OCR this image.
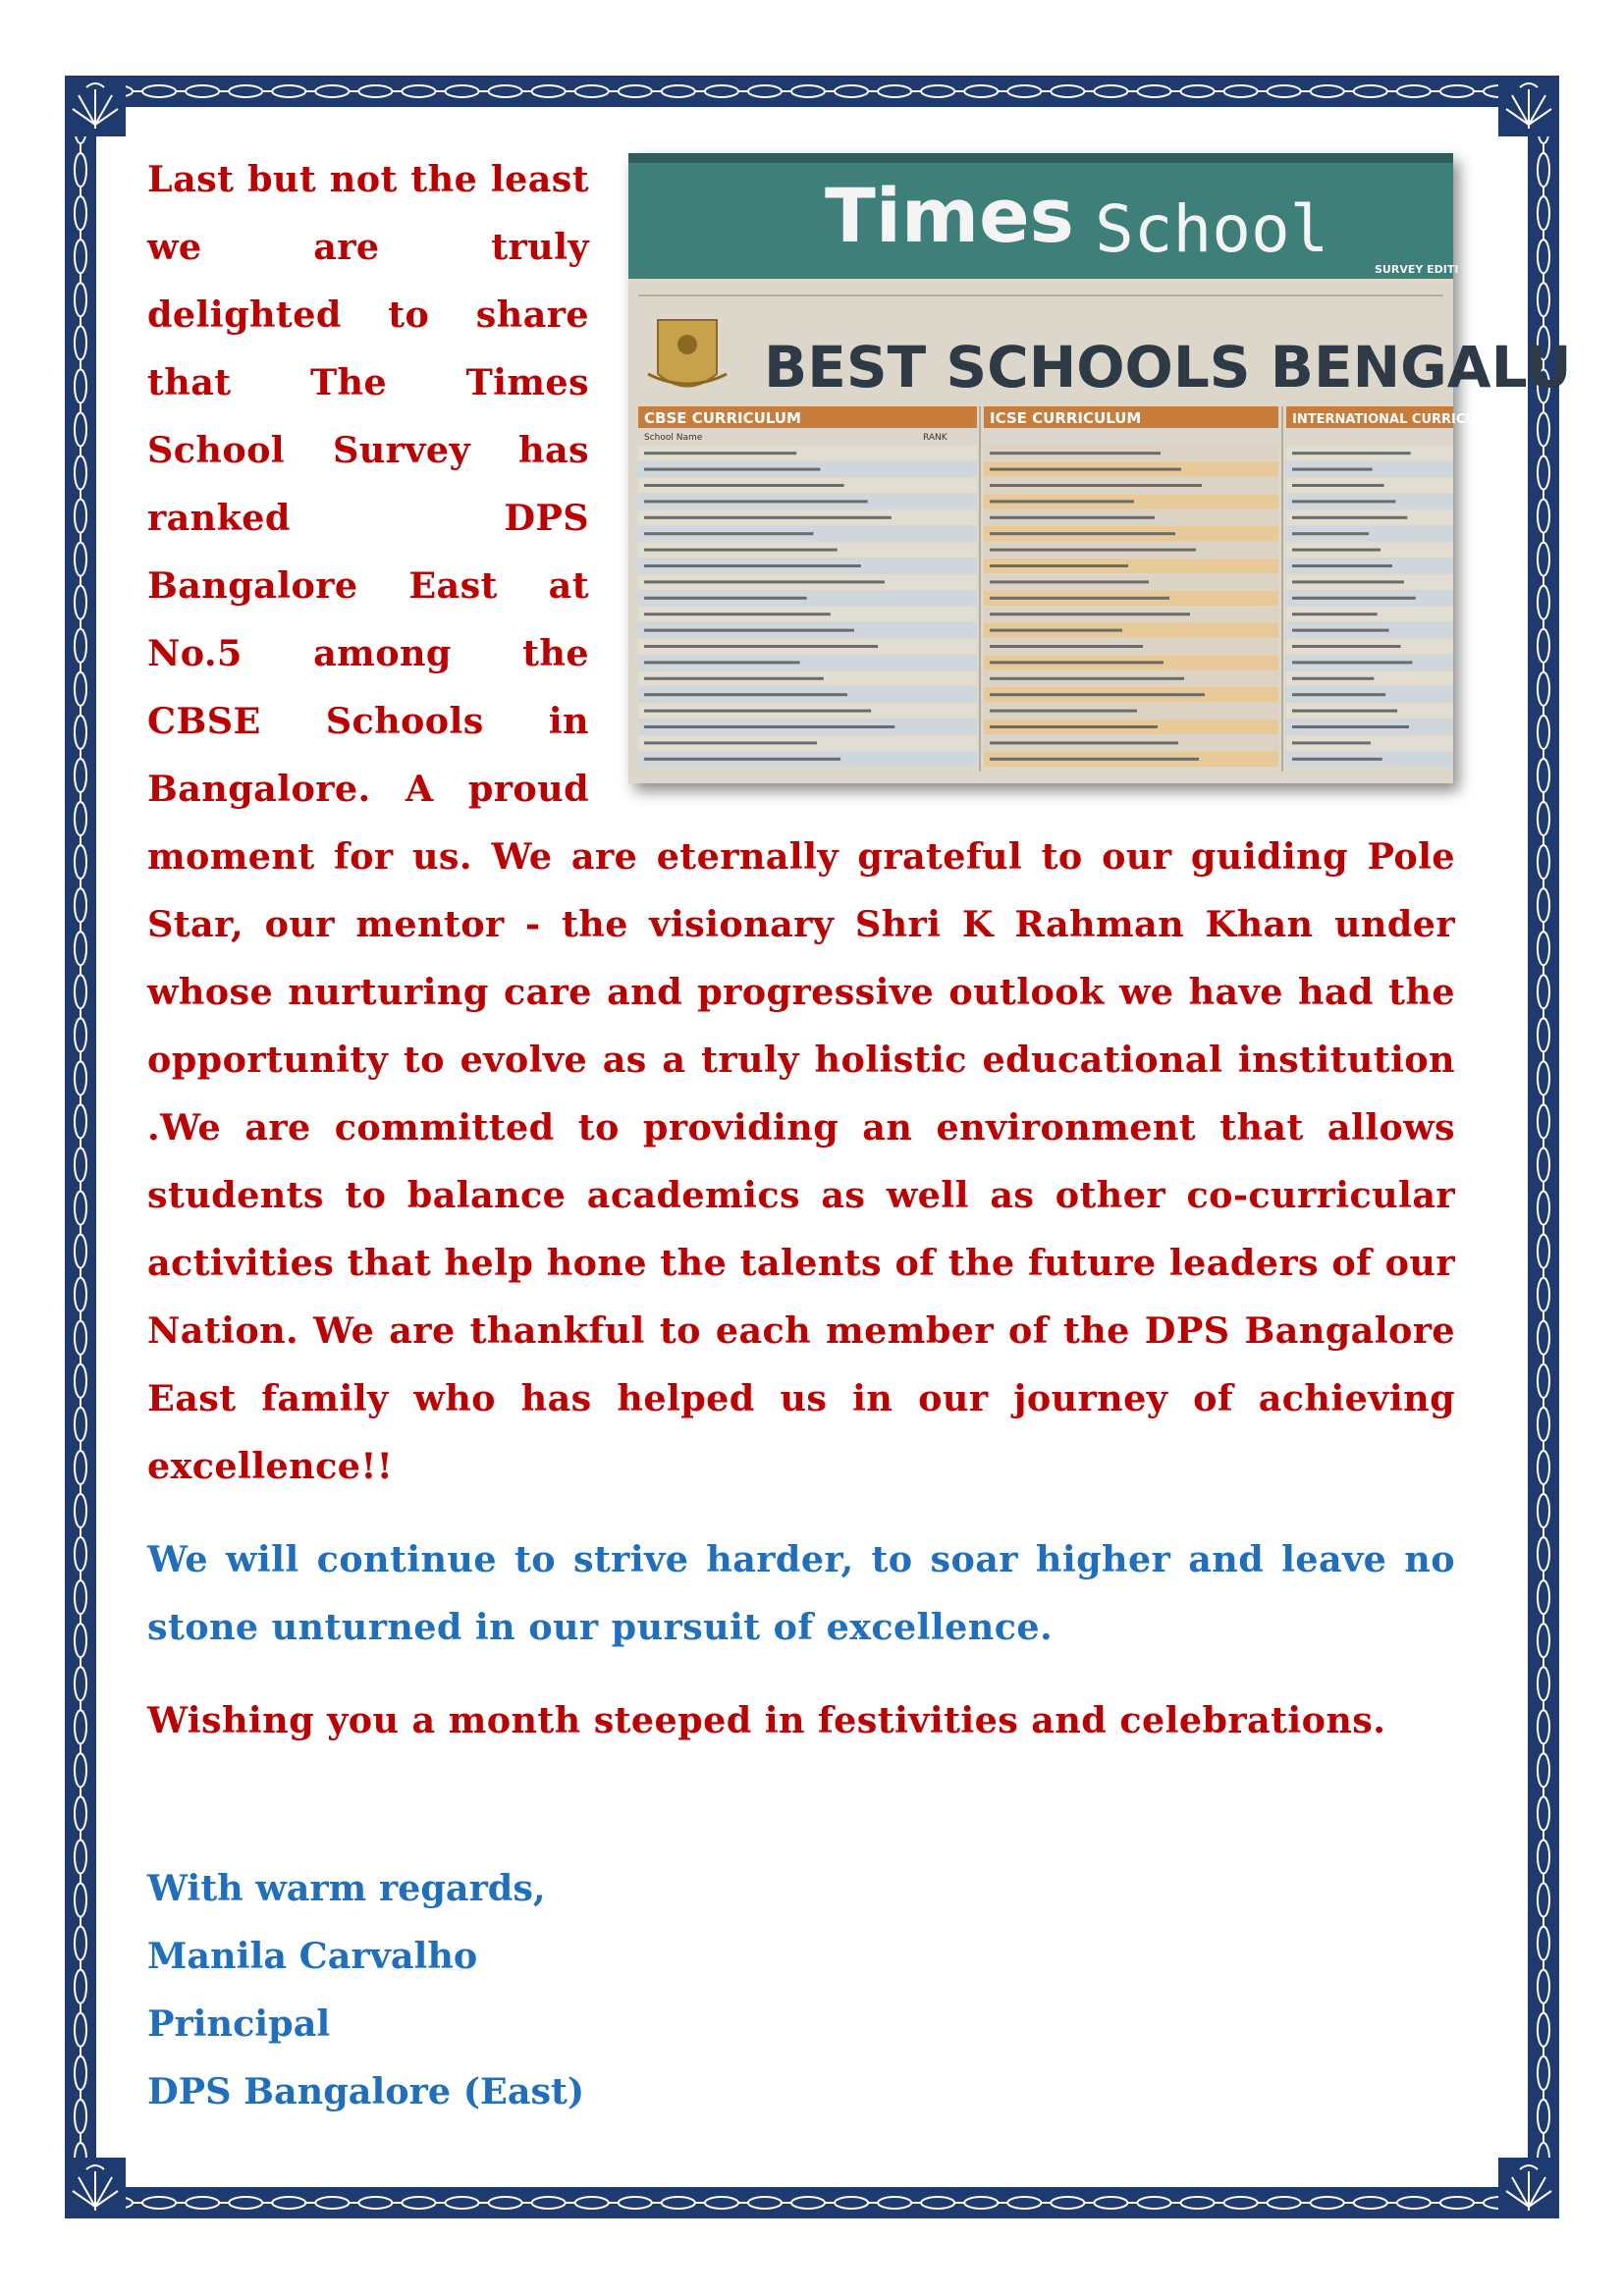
Times School
SURVEY EDITI
BEST SCHOOLS BENGALU
CBSE CURRICULUM	ICSE CURRICULUM	INTERNATIONAL CURRICU
School Name	RANK

Last but not the least we are truly delighted to share that The Times School Survey has ranked DPS Bangalore East at No.5 among the CBSE Schools in Bangalore. A proud moment for us. We are eternally grateful to our guiding Pole Star, our mentor - the visionary Shri K Rahman Khan under whose nurturing care and progressive outlook we have had the opportunity to evolve as a truly holistic educational institution .We are committed to providing an environment that allows students to balance academics as well as other co-curricular activities that help hone the talents of the future leaders of our Nation. We are thankful to each member of the DPS Bangalore East family who has helped us in our journey of achieving excellence!!

We will continue to strive harder, to soar higher and leave no stone unturned in our pursuit of excellence.

Wishing you a month steeped in festivities and celebrations.

With warm regards,
Manila Carvalho
Principal
DPS Bangalore (East)
